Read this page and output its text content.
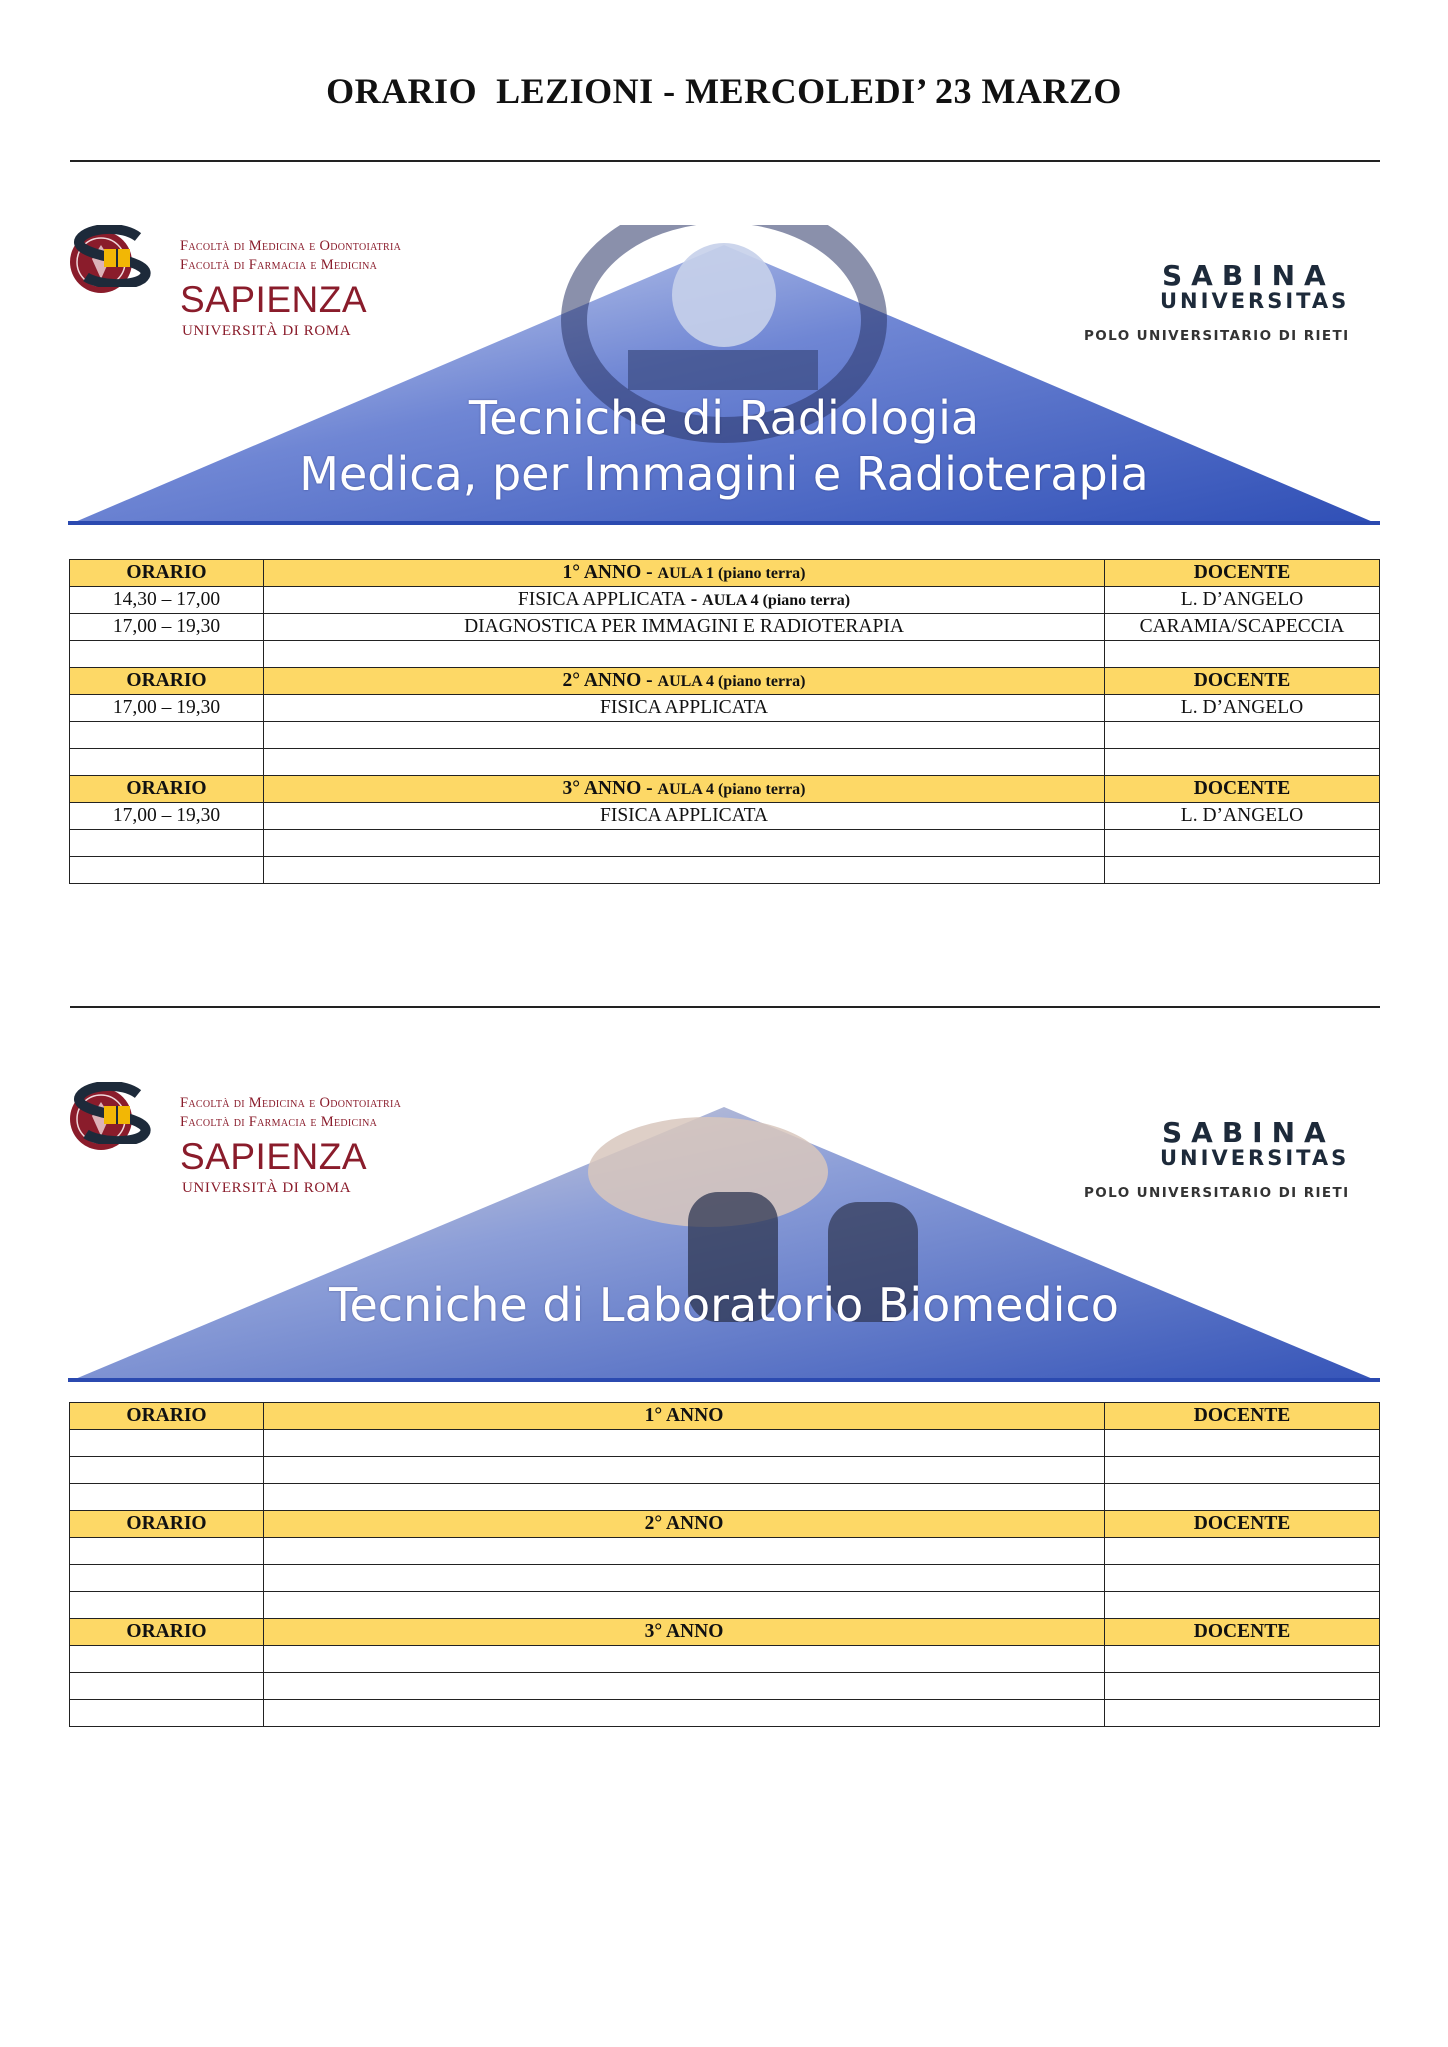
ORARIO  LEZIONI - MERCOLEDI’ 23 MARZO
Facoltà di Medicina e Odontoiatria
Facoltà di Farmacia e Medicina
SAPIENZA
UNIVERSITÀ DI ROMA
SABINA
UNIVERSITAS
POLO UNIVERSITARIO DI RIETI
Tecniche di Radiologia
Medica, per Immagini e Radioterapia
ORARIO	1° ANNO - AULA 1 (piano terra)	DOCENTE
14,30 – 17,00	FISICA APPLICATA - AULA 4 (piano terra)	L. D’ANGELO
17,00 – 19,30	DIAGNOSTICA PER IMMAGINI E RADIOTERAPIA	CARAMIA/SCAPECCIA

ORARIO	2° ANNO - AULA 4 (piano terra)	DOCENTE
17,00 – 19,30	FISICA APPLICATA	L. D’ANGELO

ORARIO	3° ANNO - AULA 4 (piano terra)	DOCENTE
17,00 – 19,30	FISICA APPLICATA	L. D’ANGELO

Facoltà di Medicina e Odontoiatria
Facoltà di Farmacia e Medicina
SAPIENZA
UNIVERSITÀ DI ROMA
SABINA
UNIVERSITAS
POLO UNIVERSITARIO DI RIETI
Tecniche di Laboratorio Biomedico
ORARIO	1° ANNO	DOCENTE

ORARIO	2° ANNO	DOCENTE

ORARIO	3° ANNO	DOCENTE
